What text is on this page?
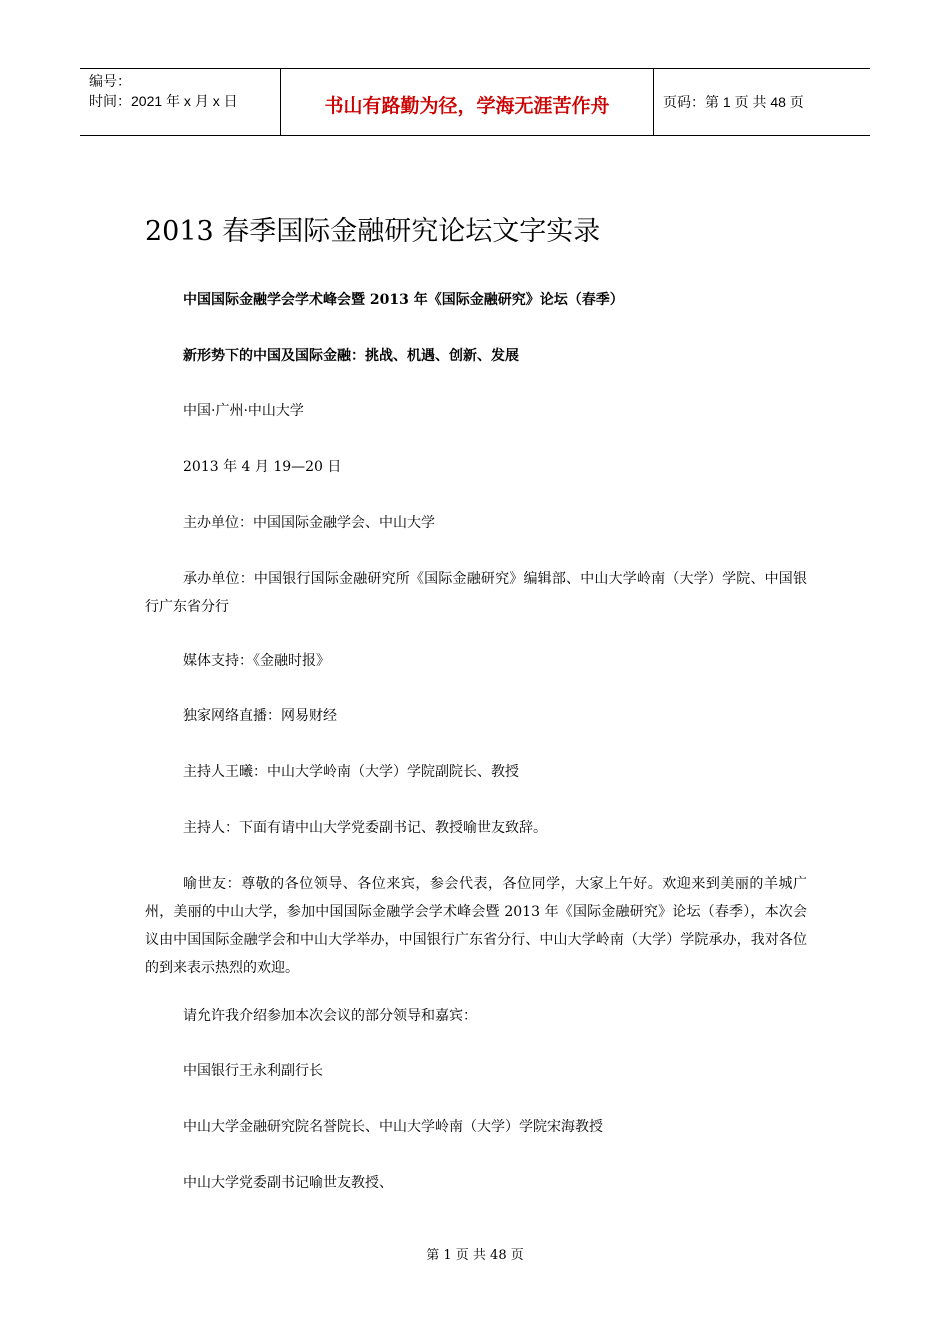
编号：
时间：2021 年 x 月 x 日	书山有路勤为径，学海无涯苦作舟	页码：第 1 页 共 48 页
2013 春季国际金融研究论坛文字实录

中国国际金融学会学术峰会暨 2013 年《国际金融研究》论坛（春季）

新形势下的中国及国际金融：挑战、机遇、创新、发展

中国·广州·中山大学

2013 年 4 月 19—20 日

主办单位：中国国际金融学会、中山大学

承办单位：中国银行国际金融研究所《国际金融研究》编辑部、中山大学岭南（大学）学院、中国银行广东省分行

媒体支持：《金融时报》

独家网络直播：网易财经

主持人王曦：中山大学岭南（大学）学院副院长、教授

主持人：下面有请中山大学党委副书记、教授喻世友致辞。

喻世友：尊敬的各位领导、各位来宾，参会代表，各位同学，大家上午好。欢迎来到美丽的羊城广州，美丽的中山大学，参加中国国际金融学会学术峰会暨 2013 年《国际金融研究》论坛（春季），本次会议由中国国际金融学会和中山大学举办，中国银行广东省分行、中山大学岭南（大学）学院承办，我对各位的到来表示热烈的欢迎。

请允许我介绍参加本次会议的部分领导和嘉宾：

中国银行王永利副行长

中山大学金融研究院名誉院长、中山大学岭南（大学）学院宋海教授

中山大学党委副书记喻世友教授、

第 1 页 共 48 页
